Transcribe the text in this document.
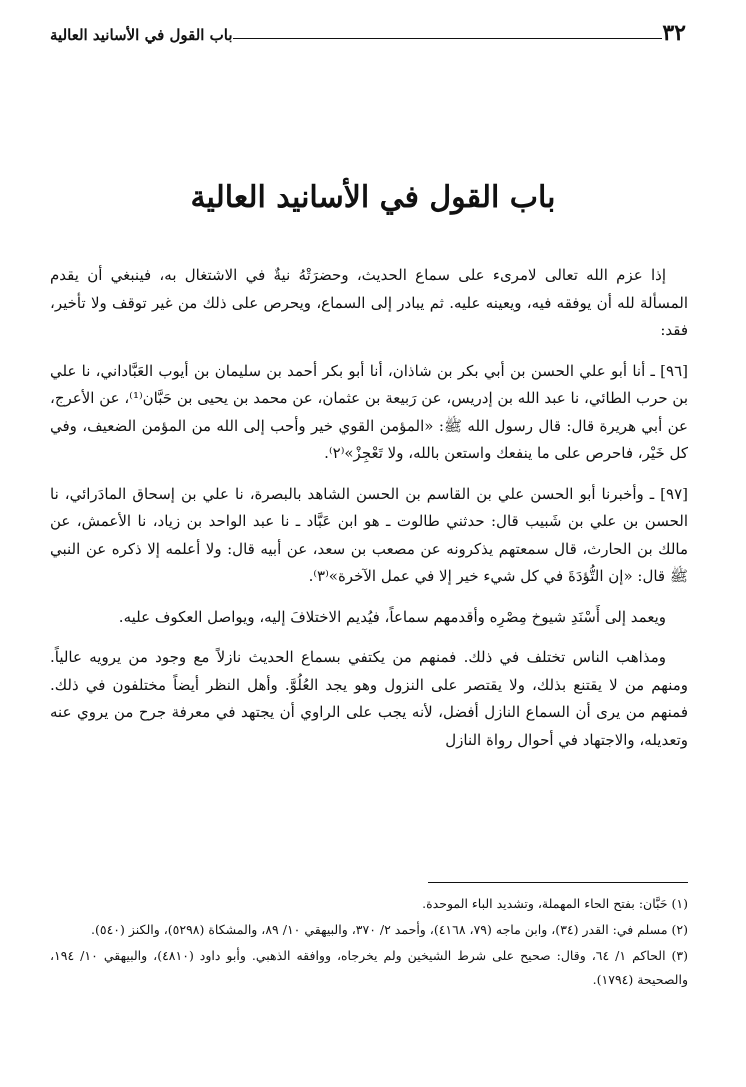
٣٢
باب القول في الأسانيد العالية
باب القول في الأسانيد العالية

إذا عزم الله تعالى لامرىء على سماع الحديث، وحضرَتْهُ نيةٌ في الاشتغال به، فينبغي أن يقدم المسألة لله أن يوفقه فيه، ويعينه عليه. ثم يبادر إلى السماع، ويحرص على ذلك من غير توقف ولا تأخير، فقد:

[٩٦] ـ أنا أبو علي الحسن بن أبي بكر بن شاذان، أنا أبو بكر أحمد بن سليمان بن أيوب العَبَّاداني، نا علي بن حرب الطائي، نا عبد الله بن إدريس، عن رَبيعة بن عثمان، عن محمد بن يحيى بن حَبَّان⁽¹⁾، عن الأعرج، عن أبي هريرة قال: قال رسول الله ﷺ: «المؤمن القوي خير وأحب إلى الله من المؤمن الضعيف، وفي كل خَيْر، فاحرص على ما ينفعك واستعن بالله، ولا تَعْجِزْ»⁽٢⁾.

[٩٧] ـ وأخبرنا أبو الحسن علي بن القاسم بن الحسن الشاهد بالبصرة، نا علي بن إسحاق المادَرائي، نا الحسن بن علي بن شَبيب قال: حدثني طالوت ـ هو ابن عَبَّاد ـ نا عبد الواحد بن زياد، نا الأعمش، عن مالك بن الحارث، قال سمعتهم يذكرونه عن مصعب بن سعد، عن أبيه قال: ولا أعلمه إلا ذكره عن النبي ﷺ قال: «إن التُّؤدَةَ في كل شيء خير إلا في عمل الآخرة»⁽٣⁾.

ويعمد إلى أَسْنَدِ شيوخ مِصْرِه وأقدمهم سماعاً، فيُديم الاختلافَ إليه، ويواصل العكوف عليه.

ومذاهب الناس تختلف في ذلك. فمنهم من يكتفي بسماع الحديث نازلاً مع وجود من يرويه عالياً. ومنهم من لا يقتنع بذلك، ولا يقتصر على النزول وهو يجد العُلُوَّ. وأهل النظر أيضاً مختلفون في ذلك. فمنهم من يرى أن السماع النازل أفضل، لأنه يجب على الراوي أن يجتهد في معرفة جرح من يروي عنه وتعديله، والاجتهاد في أحوال رواة النازل

(١) حَبَّان: بفتح الحاء المهملة، وتشديد الباء الموحدة.
(٢) مسلم في: القدر (٣٤)، وابن ماجه (٧٩، ٤١٦٨)، وأحمد ٢/ ٣٧٠، والبيهقي ١٠/ ٨٩، والمشكاة (٥٢٩٨)، والكنز (٥٤٠).
(٣) الحاكم ١/ ٦٤، وقال: صحيح على شرط الشيخين ولم يخرجاه، ووافقه الذهبي. وأبو داود (٤٨١٠)، والبيهقي ١٠/ ١٩٤، والصحيحة (١٧٩٤).
